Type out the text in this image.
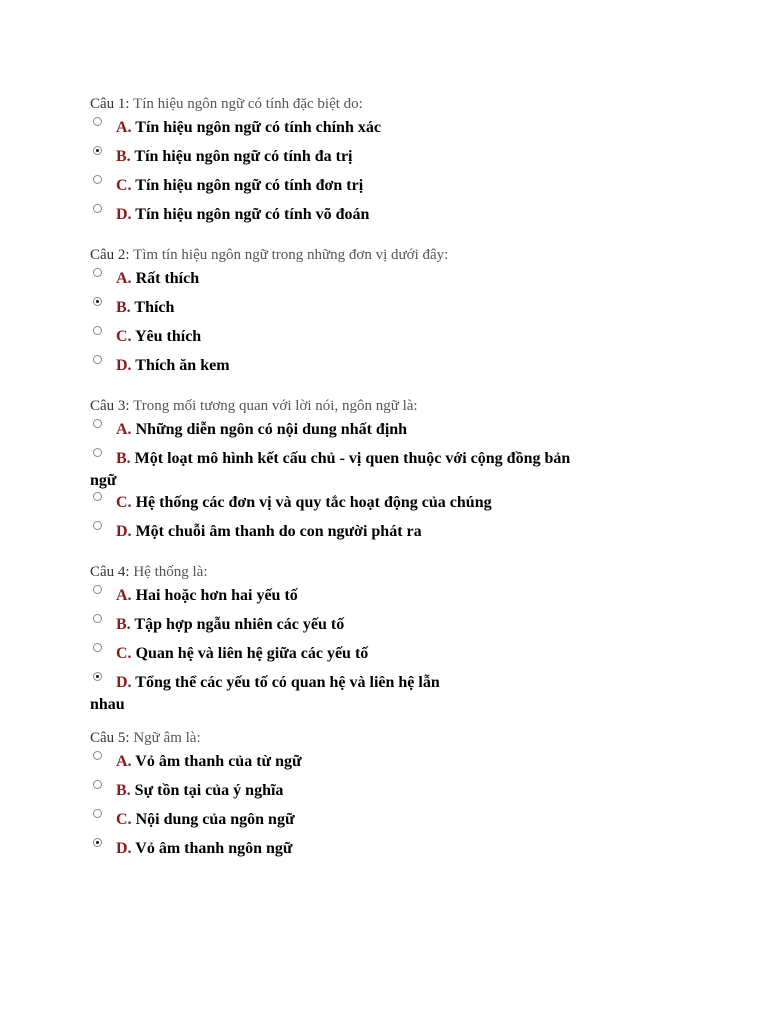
Câu 1: Tín hiệu ngôn ngữ có tính đặc biệt do:
A. Tín hiệu ngôn ngữ có tính chính xác
B. Tín hiệu ngôn ngữ có tính đa trị
C. Tín hiệu ngôn ngữ có tính đơn trị
D. Tín hiệu ngôn ngữ có tính võ đoán
Câu 2: Tìm tín hiệu ngôn ngữ trong những đơn vị dưới đây:
A. Rất thích
B. Thích
C. Yêu thích
D. Thích ăn kem
Câu 3: Trong mối tương quan với lời nói, ngôn ngữ là:
A. Những diễn ngôn có nội dung nhất định
B. Một loạt mô hình kết cấu chủ - vị quen thuộc với cộng đồng bản
ngữ
C. Hệ thống các đơn vị và quy tắc hoạt động của chúng
D. Một chuỗi âm thanh do con người phát ra
Câu 4: Hệ thống là:
A. Hai hoặc hơn hai yếu tố
B. Tập hợp ngẫu nhiên các yếu tố
C. Quan hệ và liên hệ giữa các yếu tố
D. Tổng thể các yếu tố có quan hệ và liên hệ lẫn
nhau
Câu 5: Ngữ âm là:
A. Vỏ âm thanh của từ ngữ
B. Sự tồn tại của ý nghĩa
C. Nội dung của ngôn ngữ
D. Vỏ âm thanh ngôn ngữ
